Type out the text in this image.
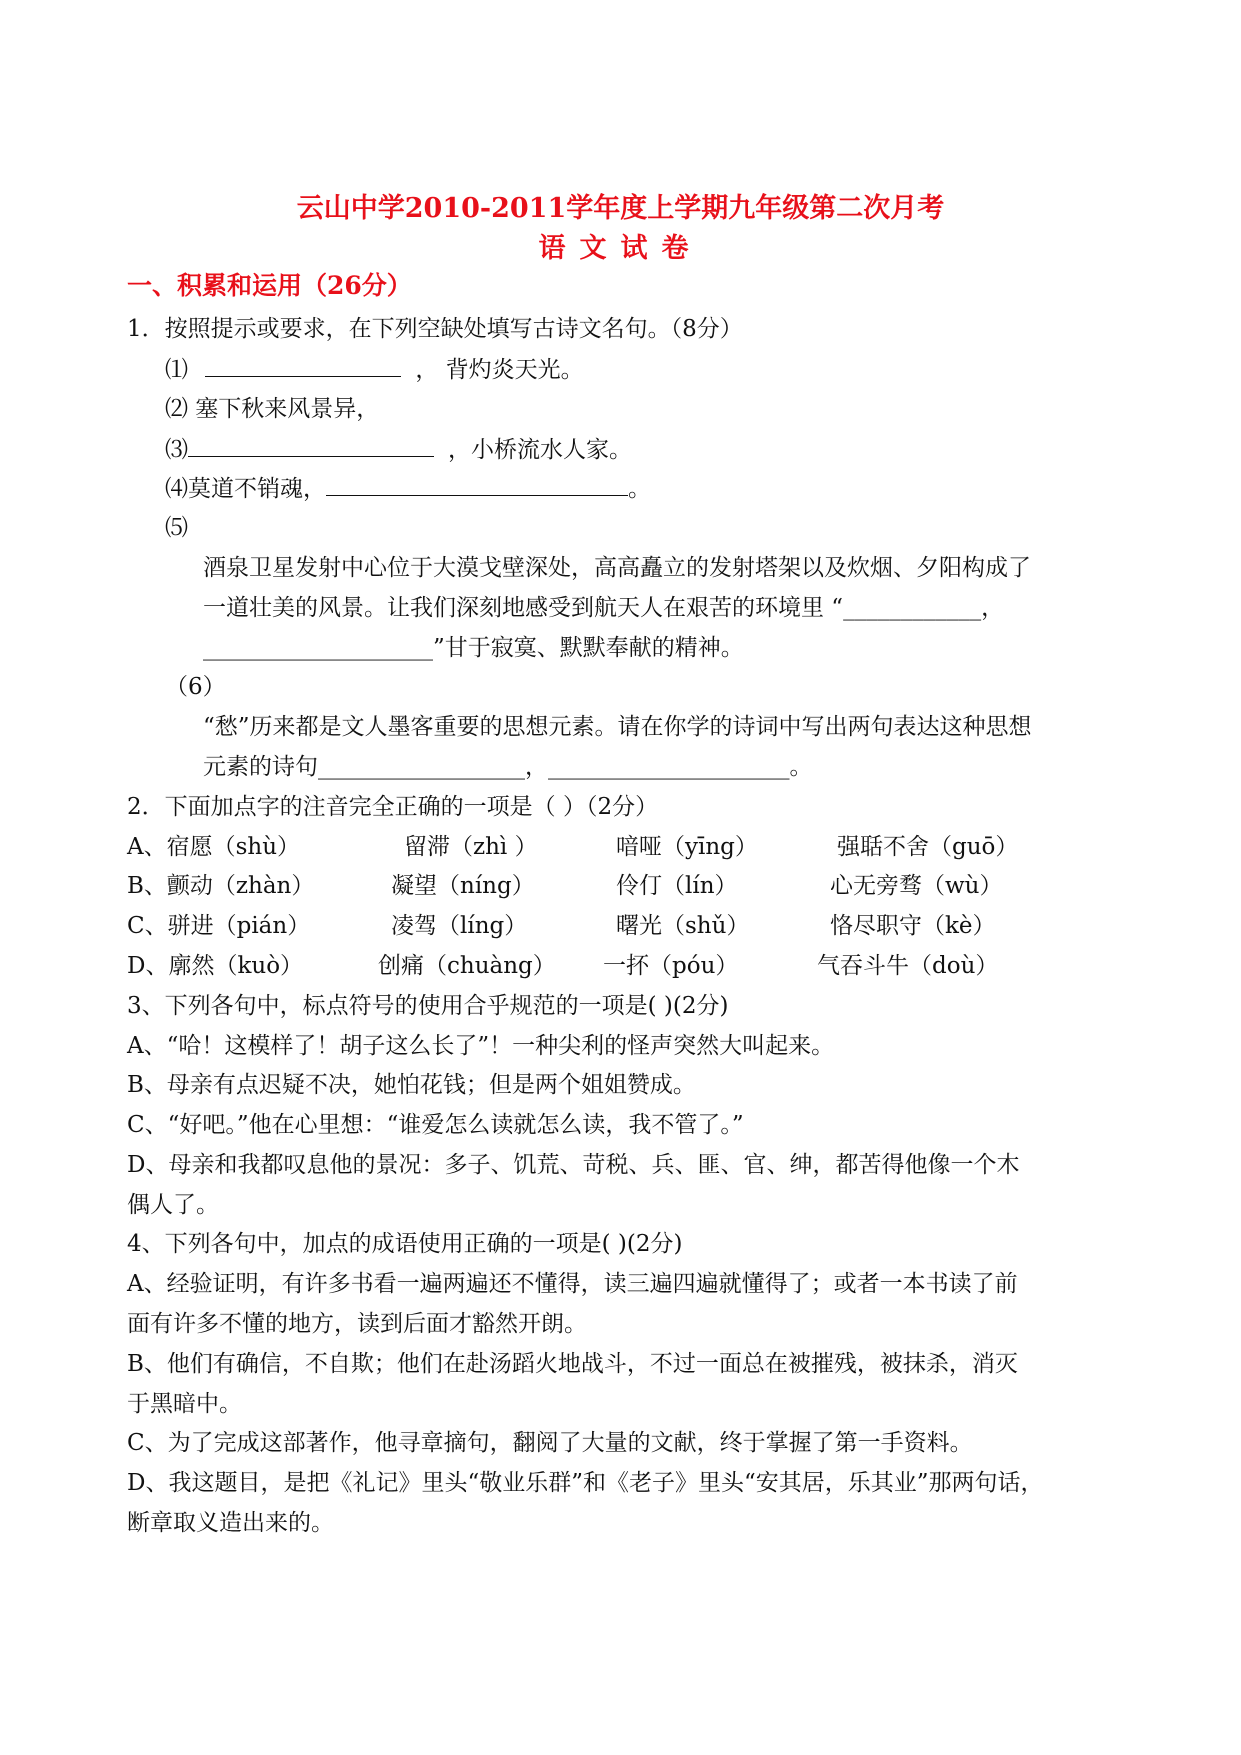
云山中学2010-2011学年度上学期九年级第二次月考
语文试卷
一、积累和运用（26分）
1．按照提示或要求，在下列空缺处填写古诗文名句。（8分）
⑴	， 背灼炎天光。
⑵ 塞下秋来风景异，
⑶	，小桥流水人家。
⑷莫道不销魂，	。
⑸
酒泉卫星发射中心位于大漠戈壁深处，高高矗立的发射塔架以及炊烟、夕阳构成了
一道壮美的风景。让我们深刻地感受到航天人在艰苦的环境里 “____________，
____________________”甘于寂寞、默默奉献的精神。
（6）
“愁”历来都是文人墨客重要的思想元素。请在你学的诗词中写出两句表达这种思想
元素的诗句__________________，_____________________。
2．下面加点字的注音完全正确的一项是（ ）（2分）
A、宿愿（shù）	留滞（zhì ）	喑哑（yīng）	强聒不舍（guō）
B、颤动（zhàn）	凝望（níng）	伶仃（lín）	心无旁骛（wù）
C、骈进（pián）	凌驾（líng）	曙光（shǔ）	恪尽职守（kè）
D、廓然（kuò）	创痛（chuàng） 一抔（póu）	气吞斗牛（doù）
3、下列各句中，标点符号的使用合乎规范的一项是( )(2分)
A、“哈！这模样了！胡子这么长了”！一种尖利的怪声突然大叫起来。
B、母亲有点迟疑不决，她怕花钱；但是两个姐姐赞成。
C、“好吧。”他在心里想：“谁爱怎么读就怎么读，我不管了。”
D、母亲和我都叹息他的景况：多子、饥荒、苛税、兵、匪、官、绅，都苦得他像一个木
偶人了。
4、下列各句中，加点的成语使用正确的一项是( )(2分)
A、经验证明，有许多书看一遍两遍还不懂得，读三遍四遍就懂得了；或者一本书读了前
面有许多不懂的地方，读到后面才豁然开朗。
B、他们有确信，不自欺；他们在赴汤蹈火地战斗，不过一面总在被摧残，被抹杀，消灭
于黑暗中。
C、为了完成这部著作，他寻章摘句，翻阅了大量的文献，终于掌握了第一手资料。
D、我这题目，是把《礼记》里头“敬业乐群”和《老子》里头“安其居，乐其业”那两句话，
断章取义造出来的。
